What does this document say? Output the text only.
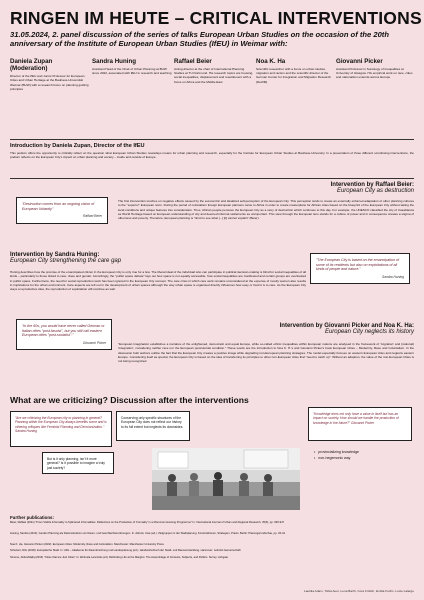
RINGEN IM HEUTE – CRITICAL INTERVENTIONS
31.05.2024, 2. panel discussion of the series of talks European Urban Studies on the occasion of the 20th anniversary of the Institute of European Urban Studies (IfEU) in Weimar with:
Daniela Zupan (Moderation)
Director of the IfEU and Junior Professor for European Cities and Urban Heritage at the Bauhaus-Universität Weimar (BUW) with a research focus on planning guiding principles
Sandra Huning
Assistant Head of the Chair of Urban Planning at BUW since 2022, associated with IfEU in research and teaching
Raffael Beier
Acting director at the chair of International Planning Studies at TU Dortmund. His research topics are housing, social inequalities, displacement and resettlement with a focus on Africa and the Middle East
Noa K. Ha
Scientific researcher with a focus on urban studies, migration and racism and the scientific director of the German Center for Integration and Migration Research (DeZIM)
Giovanni Picker
Assistant Professor in Sociology of Inequalities at University of Glasgow. His empirical work on race, cities and nationalism extends across Europe
Introduction by Daniela Zupan, Director of the IfEU
This podium offers the opportunity to critically reflect on the question what European Urban Studies nowadays means for urban planning and research, especially for the Institute for European Urban Studies at Bauhaus-University. In a presentation of three different scrutinising interventions, the podium reflects on the European City's impact on urban planning and society – inside and outside of Europe.
Intervention by Raffael Beier:
European City as destruction
"Destruction comes from an ongoing vision of European Urbanity"
Raffael Beier
The first intervention touches on negative effects caused by the eurocentric and idealized self-perception of the European City. This perception tends to create an externally enforced adaptation of other planning cultures to the "superior" European norm. During the period of colonialism foreign European planners came to Africa in order to create masterplans for African cities based on the blueprint of the European City without taking the local conditions and unique features into consideration. Thus, African people perceive the European City as a story of destruction which continues to this day. For example, the UNESCO classified the city of Casablanca as World Heritage based on European understanding of city and deemed informal settlements as unimportant. This view through the European lens stands for a culture of power and in consequence creates a stigma of otherness and poverty. Therefore, European planning is "timid to see what [...] [it] cannot explain" (Beier).
Intervention by Sandra Huning:
European City strengthening the care gap
Huning describes how the promise of the emancipated citizen in the European City is only true for a few. The liberal ideal of the individual who can participate in political decision-making is blind for social inequalities of all kinds – particularly to those linked to race, class and gender. Accordingly, the "public space debate" lays out how space is not equally accessible, how social inequalities are manifested and certain groups are overlooked in public space. Furthermore, the need for social reproduction work has been ignored in the European City concept. The care crisis in which care work remains unconsidered at the expense of mostly women also results in implications for the urban environment. Care aspects are left out in the development of urban spaces although the way urban space is organised directly influences how easy or hard it is to care. As the European City stays a reproductive idea, the reproduction of exploitation will continue as well.
"The European City is based on the emancipation of some of its residents but also on exploitations of all kinds of people and nature."
Sandra Huning
"In the 60s, you would have never called German or Italian cities "post-fascist", but you still call eastern European cities "post-socialist"."
Giovanni Picker
Intervention by Giovanni Picker and Noa K. Ha:
European City neglects its history
"European imagination establishes a narrative of the enlightened, democratic and equal Europe, while so-called ethnic inequalities within European nations are analysed in the framework of 'migration' and (national) 'integration', considering neither race nor the European postcolonial condition." These words are the introduction to Noa K. H.'s and Giovanni Picker's book European Cities – Modernity, Race and Colonialism. In the discussion both authors outline the fact that the European City creates a positive image while degrading non-European planning strategies. The model especially focuses on western European cities and neglects eastern Europe. Considering itself as special, the European City is based on the idea of transferring its principles to other non-European cities that "need to catch up". Without an adaption, the value of the non-European Cities is not being recognized.
What are we criticizing? Discussion after the interventions
"Are we criticizing the European city or planning in general? Planning within the European City always benefits some and is othering critiques like Feminist Planning and Decolonization." Sandra Huning
But is it only planning, isn't it more general? Is it possible to imagine a truly just society?
Conserving only specific structures of the European City does not reflect our history to its full extent but neglects its downsides.
"Knowledge does not only have a value in itself but has an impact on society. How should we handle the production of knowledge in the future?" Giovanni Picker
• provincializing knowledge
• non-hegemonic way
Further publications:
Beier, Raffael (2021) "From Visible Informality to Splintered Informalities: Reflections on the Production of 'Formality' in a Moroccan Housing Programme" In: International Journal of Urban and Regional Research, 45(6), pp. 936-947
Huning, Sandra (2014): Gender Planning als Dekonstruktion von Raum- und Geschlechterordnungen. In: Altrock, Uwe (ed.): Zielgruppen in der Stadtplanung. Konstruktionen, Strategien, Praxis. Berlin: Planungsrundschau, pp. 26-44
Noa K. Ha, Giovanni Picker (2022): European Cities: Modernity, Race and Colonialism. Manchester: Manchester University Press
Schubert, Dirk (2018): Europäische Stadt. In: ARL – Akademie für Raumforschung und Landesplanung (ed.): Handwörterbuch der Stadt- und Raumentwicklung. Hannover: Leibnitz-Gemeinschaft
Simone, AbdouMaliq (2016) "Cities that are Just Cities" in: Wolmela Lanciotte (ed.) Rethinking Life at the Margins: The Assemblage of Contexts, Subjects, and Politics. Surrey: Ashgate
Laetitia Adam, Tobia Auer, Lena Barth, Cora Frölich, Emilia Fuchs, Lucie Lalarge
